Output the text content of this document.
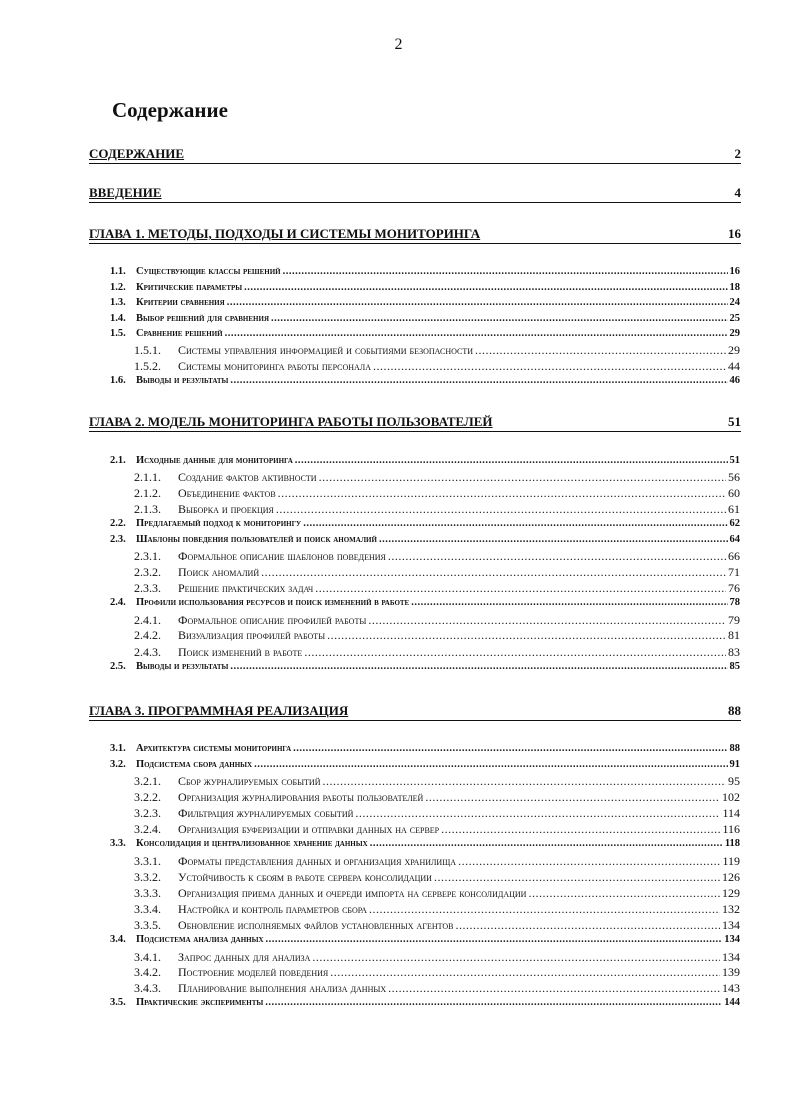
2
Содержание
СОДЕРЖАНИЕ	2
ВВЕДЕНИЕ	4
ГЛАВА 1. МЕТОДЫ, ПОДХОДЫ И СИСТЕМЫ МОНИТОРИНГА	16
1.1. Существующие классы решений .....	16
1.2. Критические параметры .....	18
1.3. Критерии сравнения .....	24
1.4. Выбор решений для сравнения .....	25
1.5. Сравнение решений .....	29
1.5.1.	Системы управления информацией и событиями безопасности .....	29
1.5.2.	Системы мониторинга работы персонала .....	44
1.6. Выводы и результаты .....	46
ГЛАВА 2. МОДЕЛЬ МОНИТОРИНГА РАБОТЫ ПОЛЬЗОВАТЕЛЕЙ	51
2.1. Исходные данные для мониторинга .....	51
2.1.1.	Создание фактов активности .....	56
2.1.2.	Объединение фактов .....	60
2.1.3.	Выборка и проекция .....	61
2.2. Предлагаемый подход к мониторингу .....	62
2.3. Шаблоны поведения пользователей и поиск аномалий .....	64
2.3.1.	Формальное описание шаблонов поведения .....	66
2.3.2.	Поиск аномалий .....	71
2.3.3.	Решение практических задач .....	76
2.4. Профили использования ресурсов и поиск изменений в работе .....	78
2.4.1.	Формальное описание профилей работы .....	79
2.4.2.	Визуализация профилей работы .....	81
2.4.3.	Поиск изменений в работе .....	83
2.5. Выводы и результаты .....	85
ГЛАВА 3. ПРОГРАММНАЯ РЕАЛИЗАЦИЯ	88
3.1. Архитектура системы мониторинга .....	88
3.2. Подсистема сбора данных .....	91
3.2.1.	Сбор журналируемых событий .....	95
3.2.2.	Организация журналирования работы пользователей .....	102
3.2.3.	Фильтрация журналируемых событий .....	114
3.2.4.	Организация буферизации и отправки данных на сервер .....	116
3.3. Консолидация и централизованное хранение данных .....	118
3.3.1.	Форматы представления данных и организация хранилища .....	119
3.3.2.	Устойчивость к сбоям в работе сервера консолидации .....	126
3.3.3.	Организация приема данных и очереди импорта на сервере консолидации .....	129
3.3.4.	Настройка и контроль параметров сбора .....	132
3.3.5.	Обновление исполняемых файлов установленных агентов .....	134
3.4. Подсистема анализа данных .....	134
3.4.1.	Запрос данных для анализа .....	134
3.4.2.	Построение моделей поведения .....	139
3.4.3.	Планирование выполнения анализа данных .....	143
3.5. Практические эксперименты .....	144
